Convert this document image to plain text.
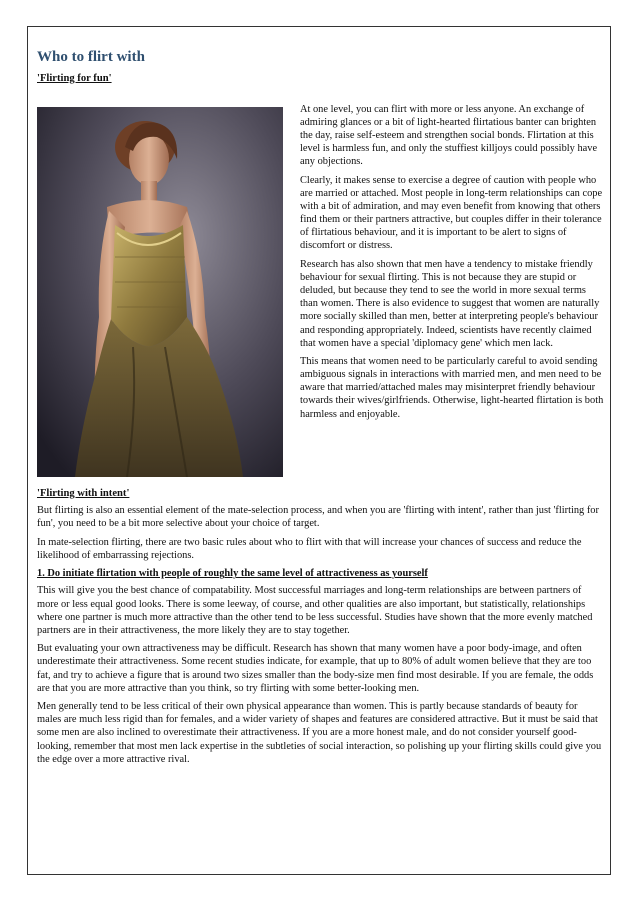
Who to flirt with
'Flirting for fun'

At one level, you can flirt with more or less anyone. An exchange of admiring glances or a bit of light-hearted flirtatious banter can brighten the day, raise self-esteem and strengthen social bonds. Flirtation at this level is harmless fun, and only the stuffiest killjoys could possibly have any objections.

Clearly, it makes sense to exercise a degree of caution with people who are married or attached. Most people in long-term relationships can cope with a bit of admiration, and may even benefit from knowing that others find them or their partners attractive, but couples differ in their tolerance of flirtatious behaviour, and it is important to be alert to signs of discomfort or distress.

Research has also shown that men have a tendency to mistake friendly behaviour for sexual flirting. This is not because they are stupid or deluded, but because they tend to see the world in more sexual terms than women. There is also evidence to suggest that women are naturally more socially skilled than men, better at interpreting people's behaviour and responding appropriately. Indeed, scientists have recently claimed that women have a special 'diplomacy gene' which men lack.

This means that women need to be particularly careful to avoid sending ambiguous signals in interactions with married men, and men need to be aware that married/attached males may misinterpret friendly behaviour towards their wives/girlfriends. Otherwise, light-hearted flirtation is both harmless and enjoyable.

'Flirting with intent'

But flirting is also an essential element of the mate-selection process, and when you are 'flirting with intent', rather than just 'flirting for fun', you need to be a bit more selective about your choice of target.

In mate-selection flirting, there are two basic rules about who to flirt with that will increase your chances of success and reduce the likelihood of embarrassing rejections.

1. Do initiate flirtation with people of roughly the same level of attractiveness as yourself

This will give you the best chance of compatability. Most successful marriages and long-term relationships are between partners of more or less equal good looks. There is some leeway, of course, and other qualities are also important, but statistically, relationships where one partner is much more attractive than the other tend to be less successful. Studies have shown that the more evenly matched partners are in their attractiveness, the more likely they are to stay together.

But evaluating your own attractiveness may be difficult. Research has shown that many women have a poor body-image, and often underestimate their attractiveness. Some recent studies indicate, for example, that up to 80% of adult women believe that they are too fat, and try to achieve a figure that is around two sizes smaller than the body-size men find most desirable. If you are female, the odds are that you are more attractive than you think, so try flirting with some better-looking men.

Men generally tend to be less critical of their own physical appearance than women. This is partly because standards of beauty for males are much less rigid than for females, and a wider variety of shapes and features are considered attractive. But it must be said that some men are also inclined to overestimate their attractiveness. If you are a more honest male, and do not consider yourself good-looking, remember that most men lack expertise in the subtleties of social interaction, so polishing up your flirting skills could give you the edge over a more attractive rival.
